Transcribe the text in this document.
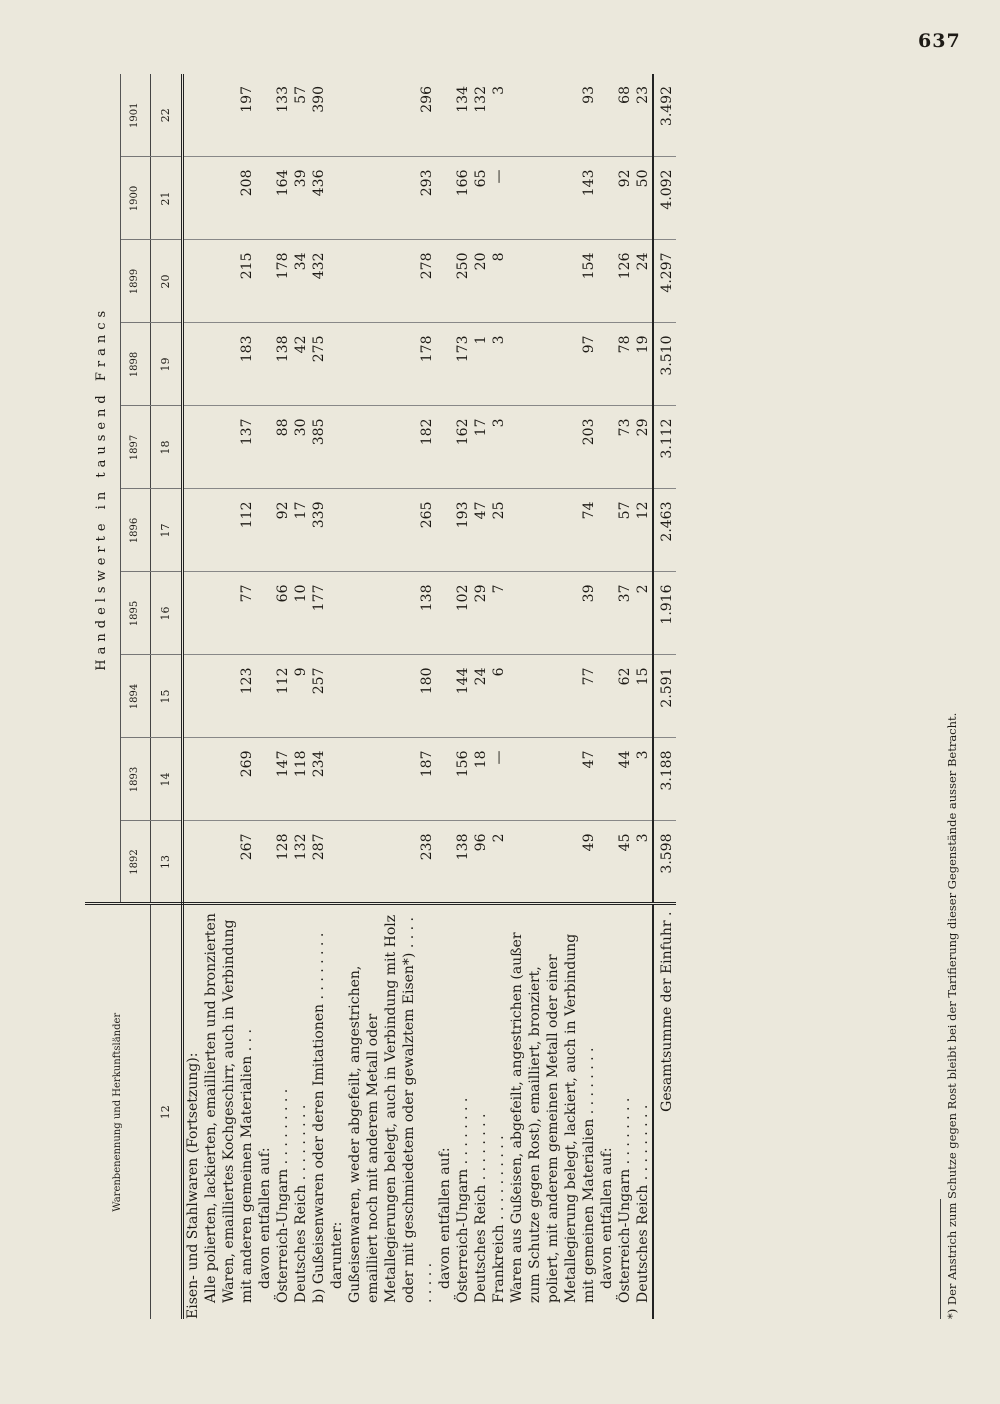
637
Warenbenennung und Herkunftsländer	Handelswerte in tausend Francs									
	1892	1893	1894	1895	1896	1897	1898	1899	1900	1901
12	13	14	15	16	17	18	19	20	21	22
Eisen- und Stahlwaren (Fortsetzung):										
Alle polierten, lackierten, emaillierten und bronzierten Waren, emailliertes Kochgeschirr, auch in Verbindung mit anderen gemeinen Materialien . . .	267	269	123	77	112	137	183	215	208	197
davon entfallen auf:										
Österreich-Ungarn . . . . . . . . .	128	147	112	66	92	88	138	178	164	133
Deutsches Reich . . . . . . . . .	132	118	9	10	17	30	42	34	39	57
b) Gußeisenwaren oder deren Imitationen . . . . . . . .	287	234	257	177	339	385	275	432	436	390
darunter:										
Gußeisenwaren, weder abgefeilt, angestrichen, emailliert noch mit anderem Metall oder Metallegierungen belegt, auch in Verbindung mit Holz oder mit geschmiedetem oder gewalztem Eisen*) . . . . . . . . .	238	187	180	138	265	182	178	278	293	296
davon entfallen auf:										
Österreich-Ungarn . . . . . . . .	138	156	144	102	193	162	173	250	166	134
Deutsches Reich . . . . . . . .	96	18	24	29	47	17	1	20	65	132
Frankreich . . . . . . . . . .	2	—	6	7	25	3	3	8	—	3
Waren aus Gußeisen, abgefeilt, angestrichen (außer zum Schutze gegen Rost), emailliert, bronziert, poliert, mit anderem gemeinen Metall oder einer Metallegierung belegt, lackiert, auch in Verbindung mit gemeinen Materialien . . . . . . . .	49	47	77	39	74	203	97	154	143	93
davon entfallen auf:										
Österreich-Ungarn . . . . . . . .	45	44	62	37	57	73	78	126	92	68
Deutsches Reich . . . . . . . . .	3	3	15	2	12	29	19	24	50	23
Gesamtsumme der Einfuhr .	3.598	3.188	2.591	1.916	2.463	3.112	3.510	4.297	4.092	3.492
*) Der Anstrich zum Schutze gegen Rost bleibt bei der Tarifierung dieser Gegenstände ausser Betracht.
